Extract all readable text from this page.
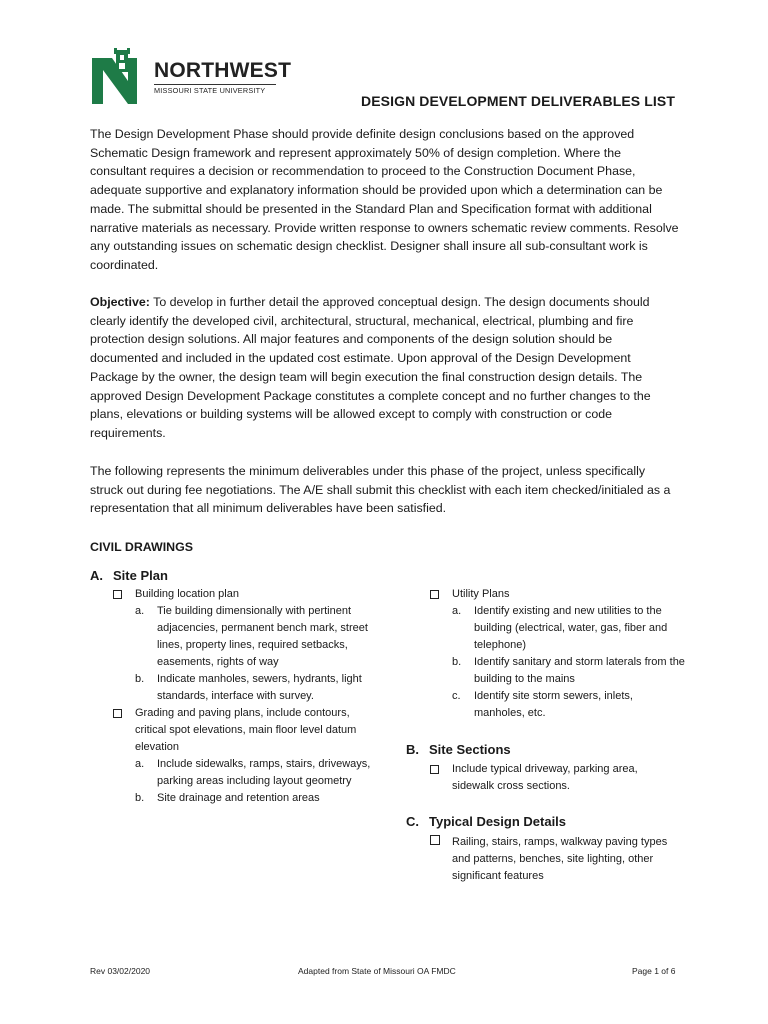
NORTHWEST
MISSOURI STATE UNIVERSITY
DESIGN DEVELOPMENT DELIVERABLES LIST

The Design Development Phase should provide definite design conclusions based on the approved Schematic Design framework and represent approximately 50% of design completion. Where the consultant requires a decision or recommendation to proceed to the Construction Document Phase, adequate supportive and explanatory information should be provided upon which a determination can be made. The submittal should be presented in the Standard Plan and Specification format with additional narrative materials as necessary. Provide written response to owners schematic review comments. Resolve any outstanding issues on schematic design checklist. Designer shall insure all sub-consultant work is coordinated.

Objective: To develop in further detail the approved conceptual design. The design documents should clearly identify the developed civil, architectural, structural, mechanical, electrical, plumbing and fire protection design solutions. All major features and components of the design solution should be documented and included in the updated cost estimate. Upon approval of the Design Development Package by the owner, the design team will begin execution the final construction design details. The approved Design Development Package constitutes a complete concept and no further changes to the plans, elevations or building systems will be allowed except to comply with construction or code requirements.

The following represents the minimum deliverables under this phase of the project, unless specifically struck out during fee negotiations. The A/E shall submit this checklist with each item checked/initialed as a representation that all minimum deliverables have been satisfied.

CIVIL DRAWINGS
A. Site Plan
Building location plan
a. Tie building dimensionally with pertinent adjacencies, permanent bench mark, street lines, property lines, required setbacks, easements, rights of way
b. Indicate manholes, sewers, hydrants, light standards, interface with survey.
Grading and paving plans, include contours, critical spot elevations, main floor level datum elevation
a. Include sidewalks, ramps, stairs, driveways, parking areas including layout geometry
b. Site drainage and retention areas
Utility Plans
a. Identify existing and new utilities to the building (electrical, water, gas, fiber and telephone)
b. Identify sanitary and storm laterals from the building to the mains
c. Identify site storm sewers, inlets, manholes, etc.
B. Site Sections
Include typical driveway, parking area, sidewalk cross sections.
C. Typical Design Details
Railing, stairs, ramps, walkway paving types and patterns, benches, site lighting, other significant features
Rev 03/02/2020	Adapted from State of Missouri OA FMDC	Page 1 of 6
